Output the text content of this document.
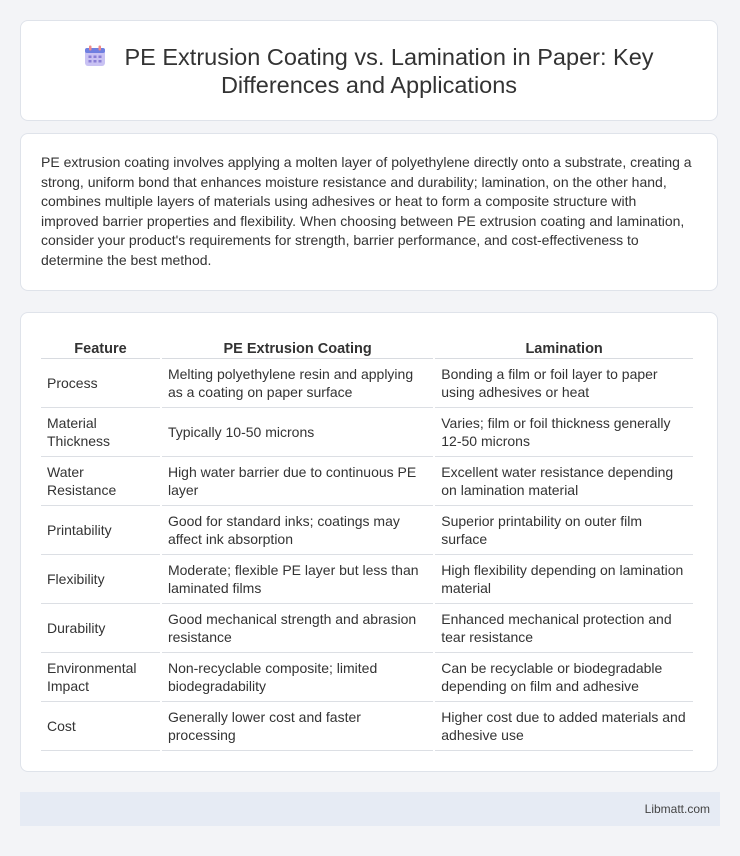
PE Extrusion Coating vs. Lamination in Paper: Key Differences and Applications
PE extrusion coating involves applying a molten layer of polyethylene directly onto a substrate, creating a strong, uniform bond that enhances moisture resistance and durability; lamination, on the other hand, combines multiple layers of materials using adhesives or heat to form a composite structure with improved barrier properties and flexibility. When choosing between PE extrusion coating and lamination, consider your product's requirements for strength, barrier performance, and cost-effectiveness to determine the best method.
Feature	PE Extrusion Coating	Lamination
Process	Melting polyethylene resin and applying as a coating on paper surface	Bonding a film or foil layer to paper using adhesives or heat
Material Thickness	Typically 10-50 microns	Varies; film or foil thickness generally 12-50 microns
Water Resistance	High water barrier due to continuous PE layer	Excellent water resistance depending on lamination material
Printability	Good for standard inks; coatings may affect ink absorption	Superior printability on outer film surface
Flexibility	Moderate; flexible PE layer but less than laminated films	High flexibility depending on lamination material
Durability	Good mechanical strength and abrasion resistance	Enhanced mechanical protection and tear resistance
Environmental Impact	Non-recyclable composite; limited biodegradability	Can be recyclable or biodegradable depending on film and adhesive
Cost	Generally lower cost and faster processing	Higher cost due to added materials and adhesive use
Libmatt.com
